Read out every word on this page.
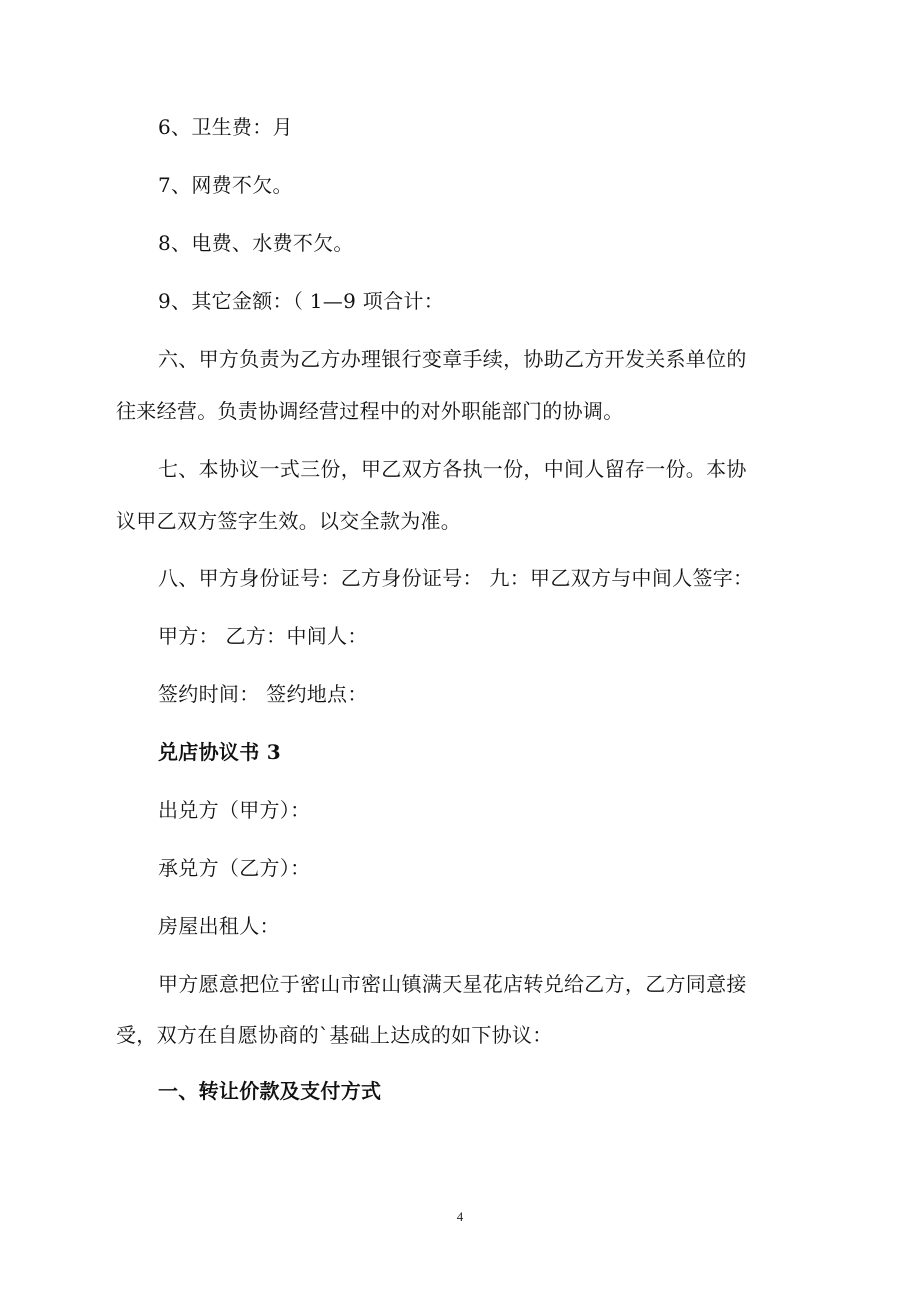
6、卫生费：月
7、网费不欠。
8、电费、水费不欠。
9、其它金额：（ 1—9 项合计：
六、甲方负责为乙方办理银行变章手续，协助乙方开发关系单位的
往来经营。负责协调经营过程中的对外职能部门的协调。
七、本协议一式三份，甲乙双方各执一份，中间人留存一份。本协
议甲乙双方签字生效。以交全款为准。
八、甲方身份证号：乙方身份证号： 九：甲乙双方与中间人签字：
甲方： 乙方：中间人：
签约时间： 签约地点：
兑店协议书 3
出兑方（甲方）：
承兑方（乙方）：
房屋出租人：
甲方愿意把位于密山市密山镇满天星花店转兑给乙方，乙方同意接
受，双方在自愿协商的`基础上达成的如下协议：
一、转让价款及支付方式
4
